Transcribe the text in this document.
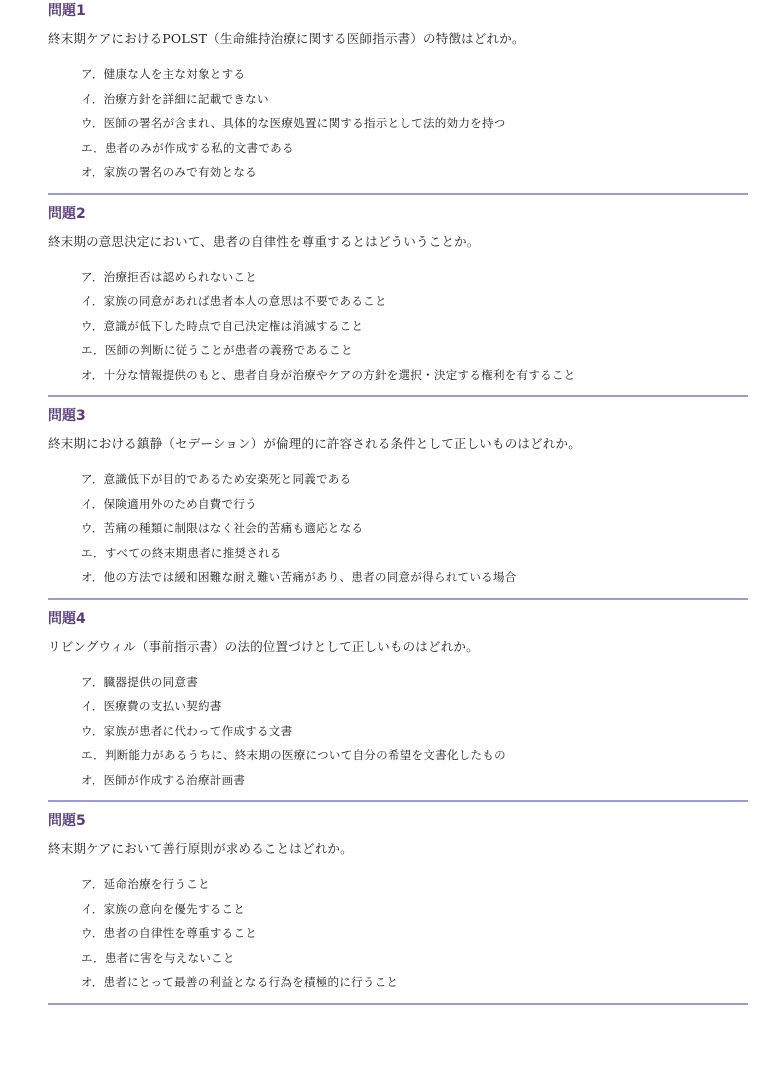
問題1
終末期ケアにおけるPOLST（生命維持治療に関する医師指示書）の特徴はどれか。
ア．健康な人を主な対象とする
イ．治療方針を詳細に記載できない
ウ．医師の署名が含まれ、具体的な医療処置に関する指示として法的効力を持つ
エ．患者のみが作成する私的文書である
オ．家族の署名のみで有効となる
問題2
終末期の意思決定において、患者の自律性を尊重するとはどういうことか。
ア．治療拒否は認められないこと
イ．家族の同意があれば患者本人の意思は不要であること
ウ．意識が低下した時点で自己決定権は消滅すること
エ．医師の判断に従うことが患者の義務であること
オ．十分な情報提供のもと、患者自身が治療やケアの方針を選択・決定する権利を有すること
問題3
終末期における鎮静（セデーション）が倫理的に許容される条件として正しいものはどれか。
ア．意識低下が目的であるため安楽死と同義である
イ．保険適用外のため自費で行う
ウ．苦痛の種類に制限はなく社会的苦痛も適応となる
エ．すべての終末期患者に推奨される
オ．他の方法では緩和困難な耐え難い苦痛があり、患者の同意が得られている場合
問題4
リビングウィル（事前指示書）の法的位置づけとして正しいものはどれか。
ア．臓器提供の同意書
イ．医療費の支払い契約書
ウ．家族が患者に代わって作成する文書
エ．判断能力があるうちに、終末期の医療について自分の希望を文書化したもの
オ．医師が作成する治療計画書
問題5
終末期ケアにおいて善行原則が求めることはどれか。
ア．延命治療を行うこと
イ．家族の意向を優先すること
ウ．患者の自律性を尊重すること
エ．患者に害を与えないこと
オ．患者にとって最善の利益となる行為を積極的に行うこと
